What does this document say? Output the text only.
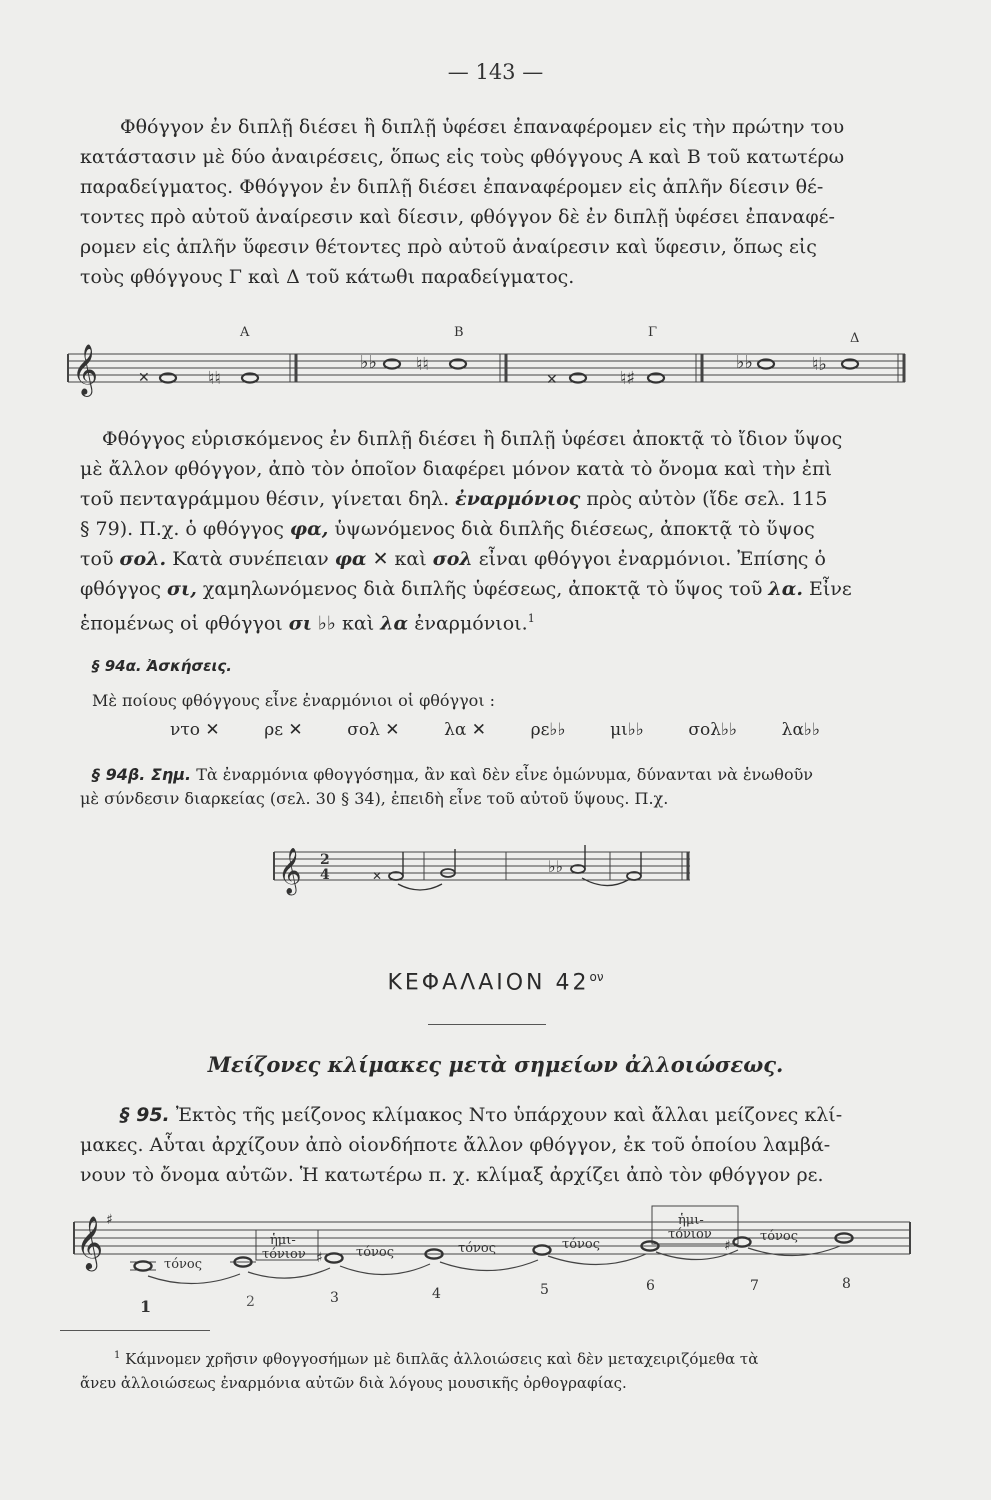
— 143 —
Φθόγγον ἐν διπλῇ διέσει ἢ διπλῇ ὑφέσει ἐπαναφέρομεν εἰς τὴν πρώτην του
κατάστασιν μὲ δύο ἀναιρέσεις, ὅπως εἰς τοὺς φθόγγους Α καὶ Β τοῦ κατωτέρω
παραδείγματος. Φθόγγον ἐν διπλῇ διέσει ἐπαναφέρομεν εἰς ἁπλῆν δίεσιν θέ-
τοντες πρὸ αὐτοῦ ἀναίρεσιν καὶ δίεσιν, φθόγγον δὲ ἐν διπλῇ ὑφέσει ἐπαναφέ-
ρομεν εἰς ἁπλῆν ὕφεσιν θέτοντες πρὸ αὐτοῦ ἀναίρεσιν καὶ ὕφεσιν, ὅπως εἰς
τοὺς φθόγγους Γ καὶ Δ τοῦ κάτωθι παραδείγματος.
𝄞
Α	Β	Γ	Δ
✕	♮♮
♭♭ ♮♮
✕	♮♯
♭♭	♮♭
Φθόγγος εὑρισκόμενος ἐν διπλῇ διέσει ἢ διπλῇ ὑφέσει ἀποκτᾷ τὸ ἴδιον ὕψος
μὲ ἄλλον φθόγγον, ἀπὸ τὸν ὁποῖον διαφέρει μόνον κατὰ τὸ ὄνομα καὶ τὴν ἐπὶ
τοῦ πενταγράμμου θέσιν, γίνεται δηλ. ἐναρμόνιος πρὸς αὐτὸν (ἴδε σελ. 115
§ 79). Π.χ. ὁ φθόγγος φα, ὑψωνόμενος διὰ διπλῆς διέσεως, ἀποκτᾷ τὸ ὕψος
τοῦ σολ. Κατὰ συνέπειαν φα ✕ καὶ σολ εἶναι φθόγγοι ἐναρμόνιοι. Ἐπίσης ὁ
φθόγγος σι, χαμηλωνόμενος διὰ διπλῆς ὑφέσεως, ἀποκτᾷ τὸ ὕψος τοῦ λα. Εἶνε
ἑπομένως οἱ φθόγγοι σι ♭♭ καὶ λα ἐναρμόνιοι.$^1$
§ 94α. Ἀσκήσεις.
Μὲ ποίους φθόγγους εἶνε ἐναρμόνιοι οἱ φθόγγοι :
ντο ✕	ρε ✕	σολ ✕	λα ✕	ρε♭♭	μι♭♭	σολ♭♭	λα♭♭
§ 94β. Σημ. Τὰ ἐναρμόνια φθογγόσημα, ἂν καὶ δὲν εἶνε ὁμώνυμα, δύνανται νὰ ἑνωθοῦν
μὲ σύνδεσιν διαρκείας (σελ. 30 § 34), ἐπειδὴ εἶνε τοῦ αὐτοῦ ὕψους. Π.χ.
𝄞 2
4	✕	♭♭
ΚΕΦΑΛΑΙΟΝ $42^{o\nu}$
Μείζονες κλίμακες μετὰ σημείων ἀλλοιώσεως.
§ 95. Ἐκτὸς τῆς μείζονος κλίμακος Ντο ὑπάρχουν καὶ ἄλλαι μείζονες κλί-
μακες. Αὗται ἀρχίζουν ἀπὸ οἱονδήποτε ἄλλον φθόγγον, ἐκ τοῦ ὁποίου λαμβά-
νουν τὸ ὄνομα αὐτῶν. Ἡ κατωτέρω π. χ. κλίμαξ ἀρχίζει ἀπὸ τὸν φθόγγον ρε.
𝄞 ♯
♯
♯
τόνος
ἡμι-
τόνιον	τόνος	τόνος	τόνος
ἡμι-
τόνιον	τόνος
1	2	3	4	5	6	7	8
$^1$ Κάμνομεν χρῆσιν φθογγοσήμων μὲ διπλᾶς ἀλλοιώσεις καὶ δὲν μεταχειριζόμεθα τὰ
ἄνευ ἀλλοιώσεως ἐναρμόνια αὐτῶν διὰ λόγους μουσικῆς ὀρθογραφίας.
